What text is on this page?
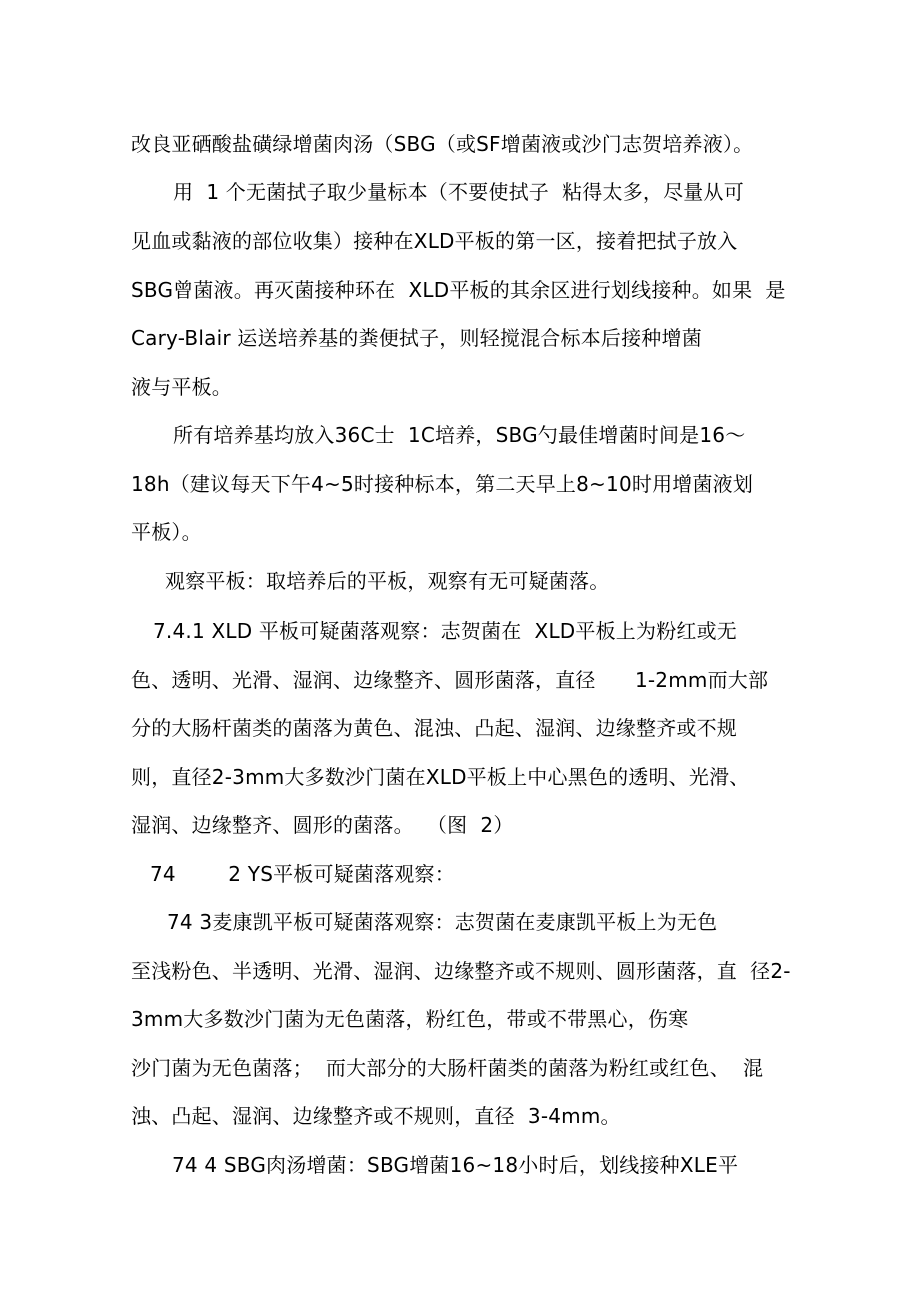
改良亚硒酸盐磺绿增菌肉汤（SBG（或SF增菌液或沙门志贺培养液）。
用  1 个无菌拭子取少量标本（不要使拭子  粘得太多，尽量从可
见血或黏液的部位收集）接种在XLD平板的第一区，接着把拭子放入
SBG曾菌液。再灭菌接种环在  XLD平板的其余区进行划线接种。如果  是
Cary-Blair 运送培养基的粪便拭子，则轻搅混合标本后接种增菌
液与平板。
所有培养基均放入36C士  1C培养，SBG勺最佳增菌时间是16～
18h（建议每天下午4~5时接种标本，第二天早上8~10时用增菌液划
平板）。
观察平板：取培养后的平板，观察有无可疑菌落。
7.4.1 XLD 平板可疑菌落观察：志贺菌在  XLD平板上为粉红或无
色、透明、光滑、湿润、边缘整齐、圆形菌落，直径      1-2mm而大部
分的大肠杆菌类的菌落为黄色、混浊、凸起、湿润、边缘整齐或不规
则，直径2-3mm大多数沙门菌在XLD平板上中心黑色的透明、光滑、
湿润、边缘整齐、圆形的菌落。  （图  2）
74        2 YS平板可疑菌落观察：
74 3麦康凯平板可疑菌落观察：志贺菌在麦康凯平板上为无色
至浅粉色、半透明、光滑、湿润、边缘整齐或不规则、圆形菌落，直  径2-
3mm大多数沙门菌为无色菌落，粉红色，带或不带黑心，伤寒
沙门菌为无色菌落；  而大部分的大肠杆菌类的菌落为粉红或红色、  混
浊、凸起、湿润、边缘整齐或不规则，直径  3-4mm。
74 4 SBG肉汤增菌：SBG增菌16~18小时后，划线接种XLE平
